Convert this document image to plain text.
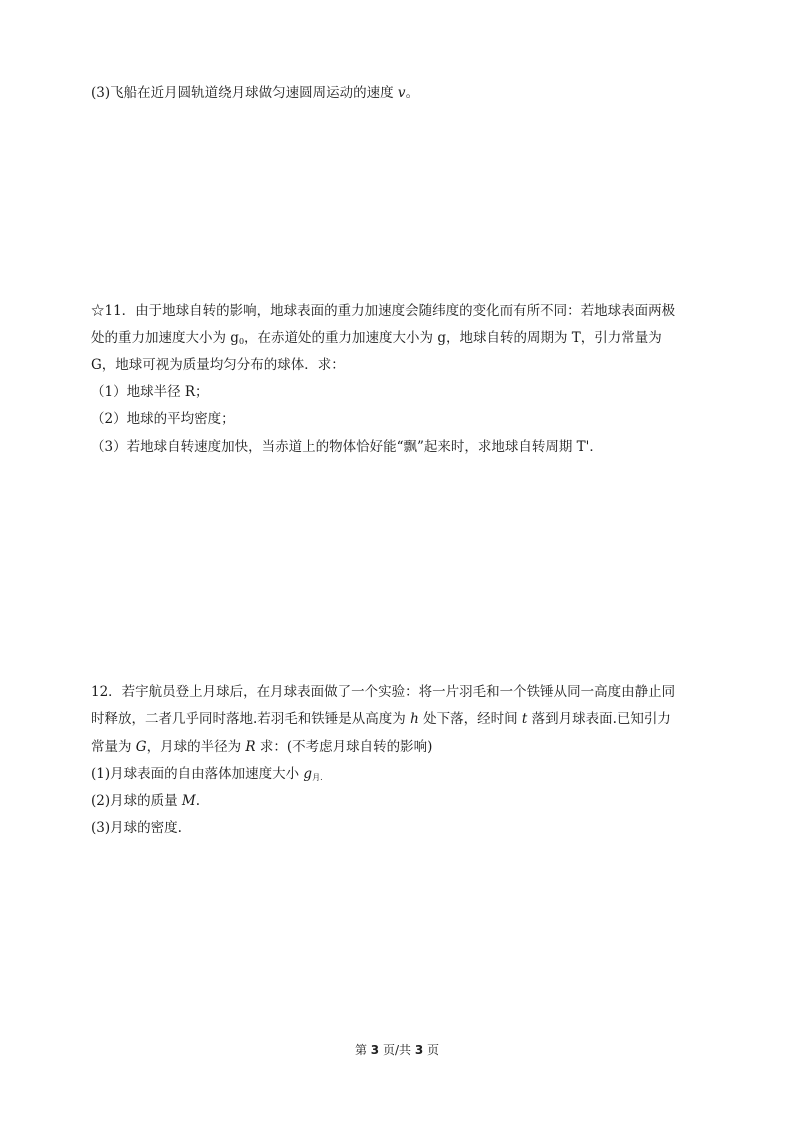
(3)飞船在近月圆轨道绕月球做匀速圆周运动的速度 v。
☆11．由于地球自转的影响，地球表面的重力加速度会随纬度的变化而有所不同：若地球表面两极
处的重力加速度大小为 $g_0$，在赤道处的重力加速度大小为 g，地球自转的周期为 T，引力常量为
G，地球可视为质量均匀分布的球体．求：
（1）地球半径 R；
（2）地球的平均密度；
（3）若地球自转速度加快，当赤道上的物体恰好能“飘”起来时，求地球自转周期 T'．
12．若宇航员登上月球后，在月球表面做了一个实验：将一片羽毛和一个铁锤从同一高度由静止同
时释放，二者几乎同时落地.若羽毛和铁锤是从高度为 h 处下落，经时间 t 落到月球表面.已知引力
常量为 G，月球的半径为 R 求：(不考虑月球自转的影响)
(1)月球表面的自由落体加速度大小 $g_{月.}$
(2)月球的质量 M.
(3)月球的密度.
第 3 页/共 3 页
